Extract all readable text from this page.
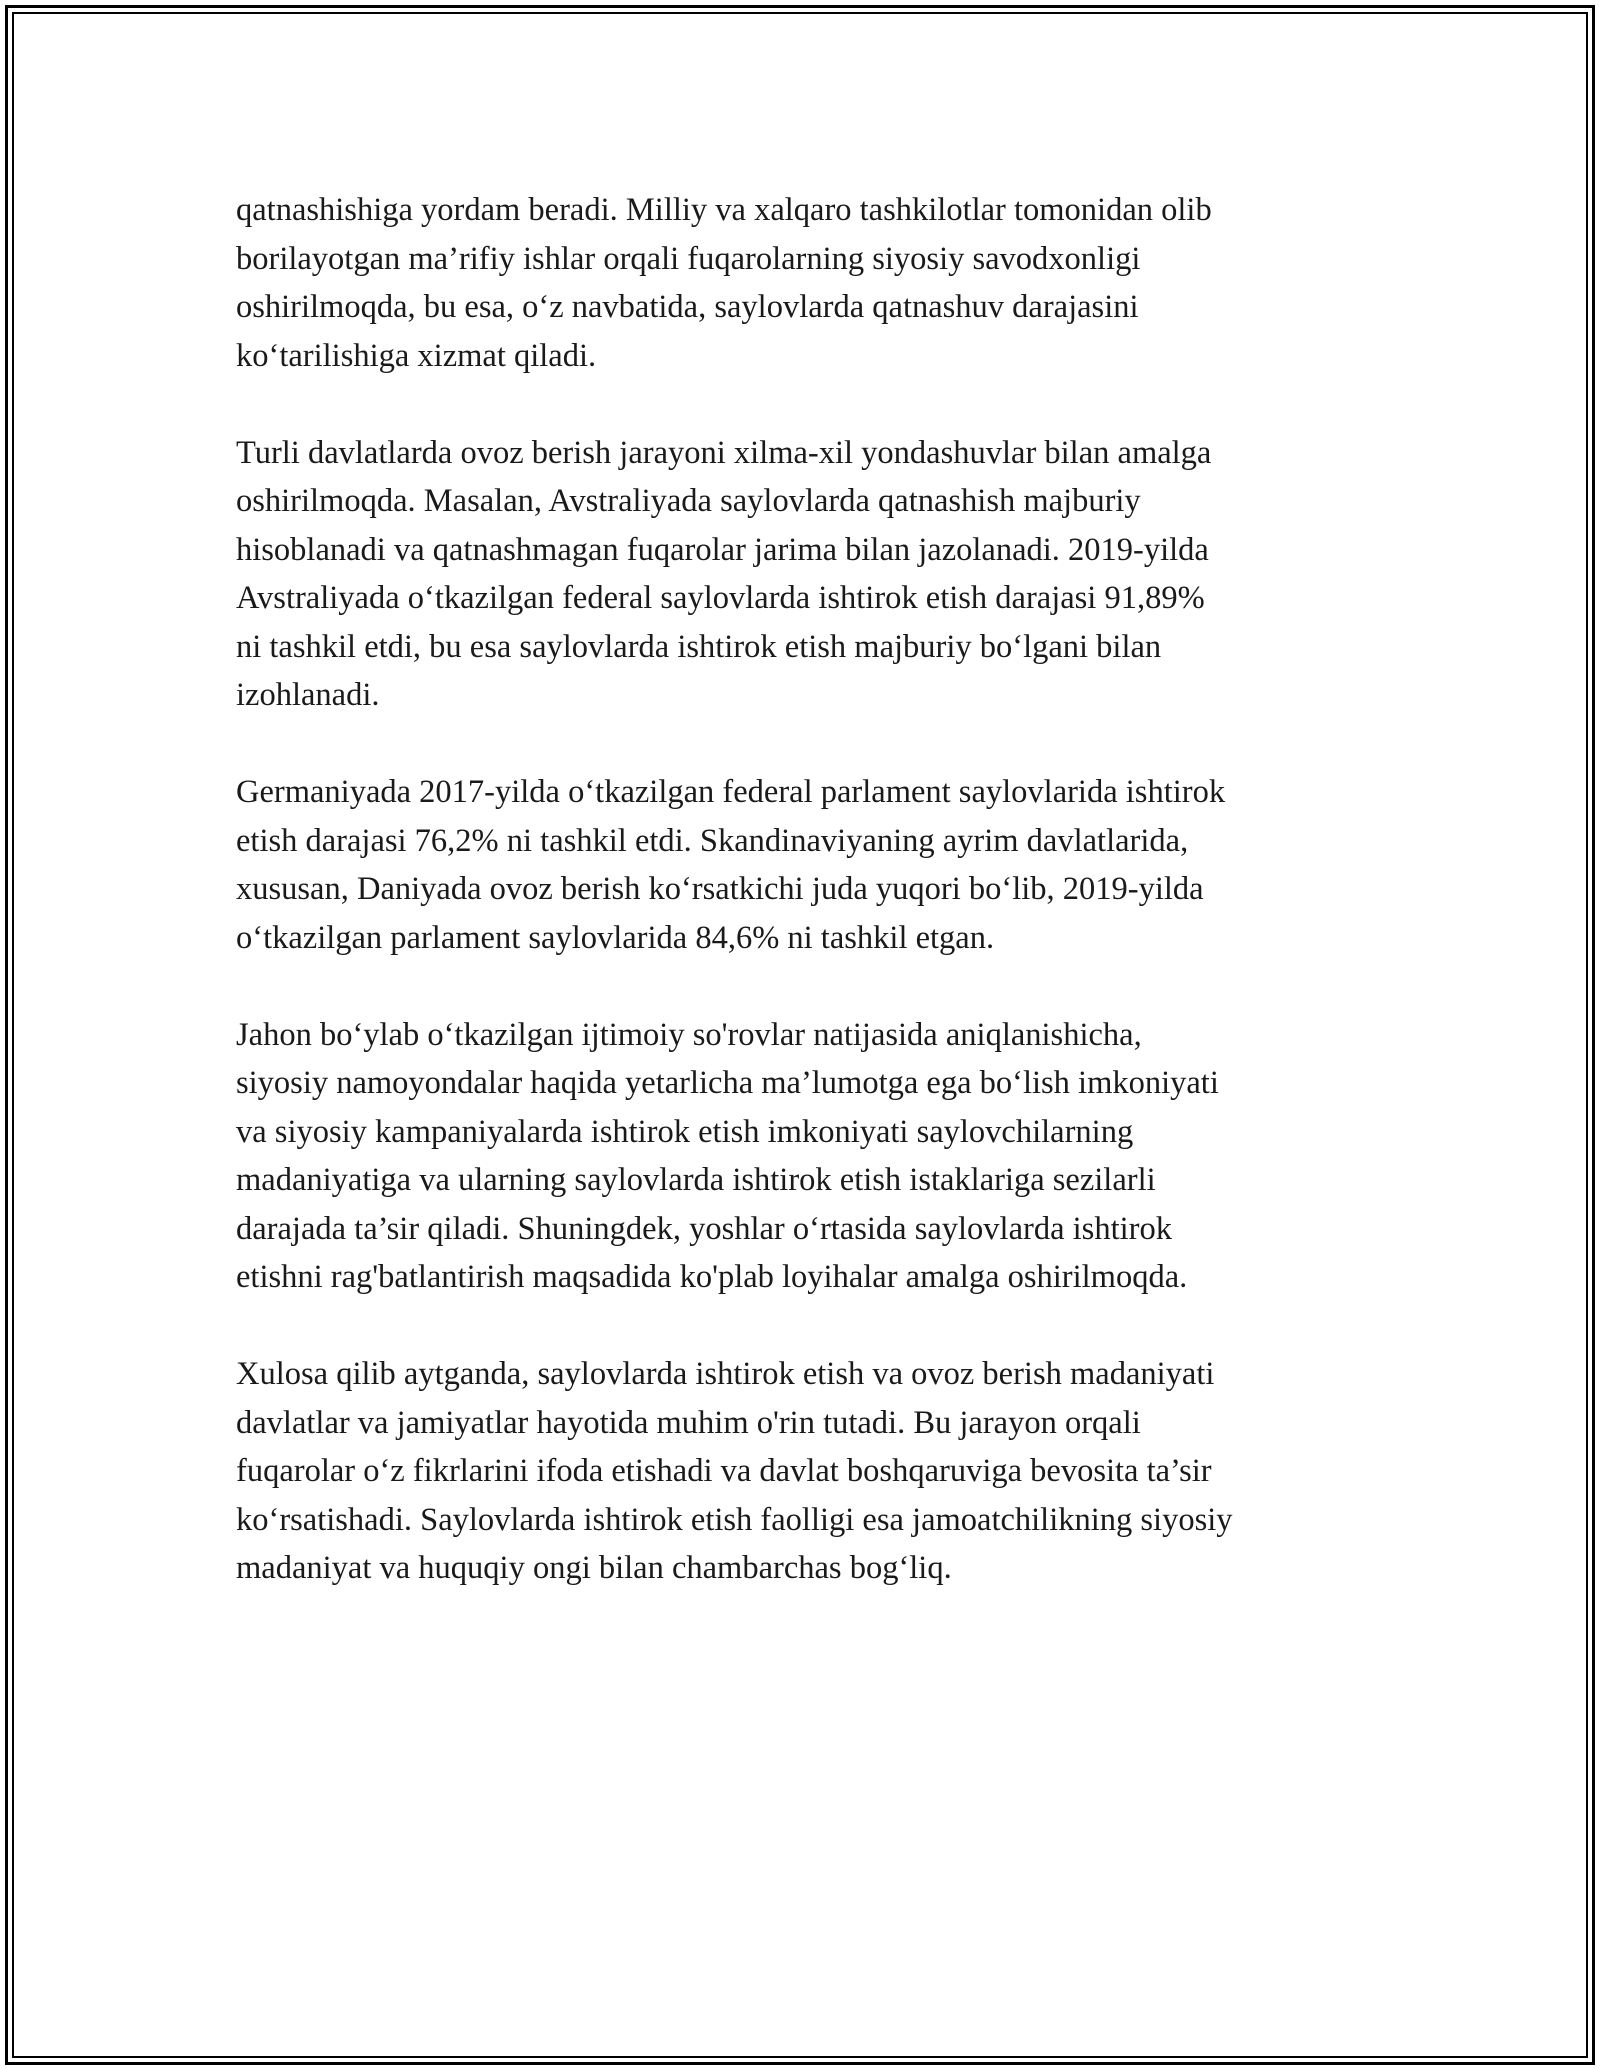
qatnashishiga yordam beradi. Milliy va xalqaro tashkilotlar tomonidan olib
borilayotgan ma’rifiy ishlar orqali fuqarolarning siyosiy savodxonligi
oshirilmoqda, bu esa, oʻz navbatida, saylovlarda qatnashuv darajasini
koʻtarilishiga xizmat qiladi.

Turli davlatlarda ovoz berish jarayoni xilma-xil yondashuvlar bilan amalga
oshirilmoqda. Masalan, Avstraliyada saylovlarda qatnashish majburiy
hisoblanadi va qatnashmagan fuqarolar jarima bilan jazolanadi. 2019-yilda
Avstraliyada oʻtkazilgan federal saylovlarda ishtirok etish darajasi 91,89%
ni tashkil etdi, bu esa saylovlarda ishtirok etish majburiy boʻlgani bilan
izohlanadi.

Germaniyada 2017-yilda oʻtkazilgan federal parlament saylovlarida ishtirok
etish darajasi 76,2% ni tashkil etdi. Skandinaviyaning ayrim davlatlarida,
xususan, Daniyada ovoz berish koʻrsatkichi juda yuqori boʻlib, 2019-yilda
oʻtkazilgan parlament saylovlarida 84,6% ni tashkil etgan.

Jahon boʻylab oʻtkazilgan ijtimoiy so'rovlar natijasida aniqlanishicha,
siyosiy namoyondalar haqida yetarlicha ma’lumotga ega boʻlish imkoniyati
va siyosiy kampaniyalarda ishtirok etish imkoniyati saylovchilarning
madaniyatiga va ularning saylovlarda ishtirok etish istaklariga sezilarli
darajada ta’sir qiladi. Shuningdek, yoshlar oʻrtasida saylovlarda ishtirok
etishni rag'batlantirish maqsadida ko'plab loyihalar amalga oshirilmoqda.

Xulosa qilib aytganda, saylovlarda ishtirok etish va ovoz berish madaniyati
davlatlar va jamiyatlar hayotida muhim o'rin tutadi. Bu jarayon orqali
fuqarolar oʻz fikrlarini ifoda etishadi va davlat boshqaruviga bevosita ta’sir
koʻrsatishadi. Saylovlarda ishtirok etish faolligi esa jamoatchilikning siyosiy
madaniyat va huquqiy ongi bilan chambarchas bogʻliq.
